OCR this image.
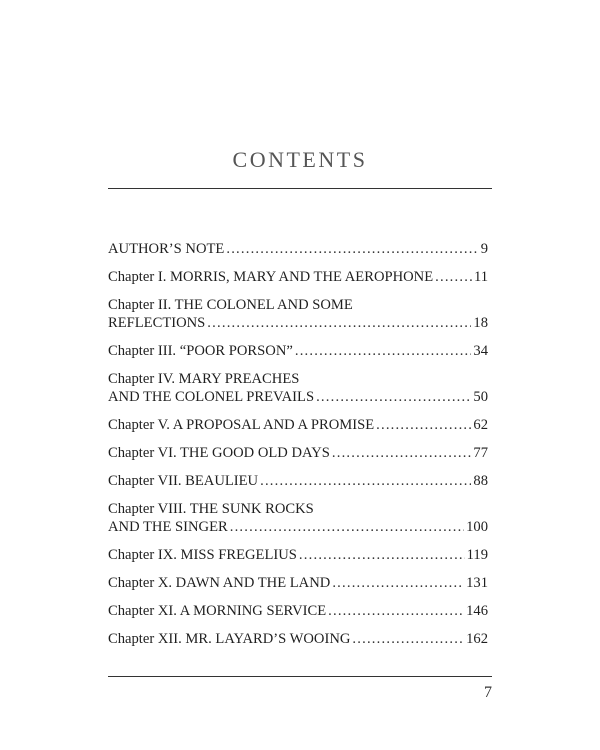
CONTENTS
AUTHOR’S NOTE .....	9
Chapter I. MORRIS, MARY AND THE AEROPHONE .....	11
Chapter II. THE COLONEL AND SOME
REFLECTIONS .....	18
Chapter III. “POOR PORSON” .....	34
Chapter IV. MARY PREACHES
AND THE COLONEL PREVAILS .....	50
Chapter V. A PROPOSAL AND A PROMISE .....	62
Chapter VI. THE GOOD OLD DAYS .....	77
Chapter VII. BEAULIEU .....	88
Chapter VIII. THE SUNK ROCKS
AND THE SINGER .....	100
Chapter IX. MISS FREGELIUS .....	119
Chapter X. DAWN AND THE LAND .....	131
Chapter XI. A MORNING SERVICE .....	146
Chapter XII. MR. LAYARD’S WOOING .....	162
7
